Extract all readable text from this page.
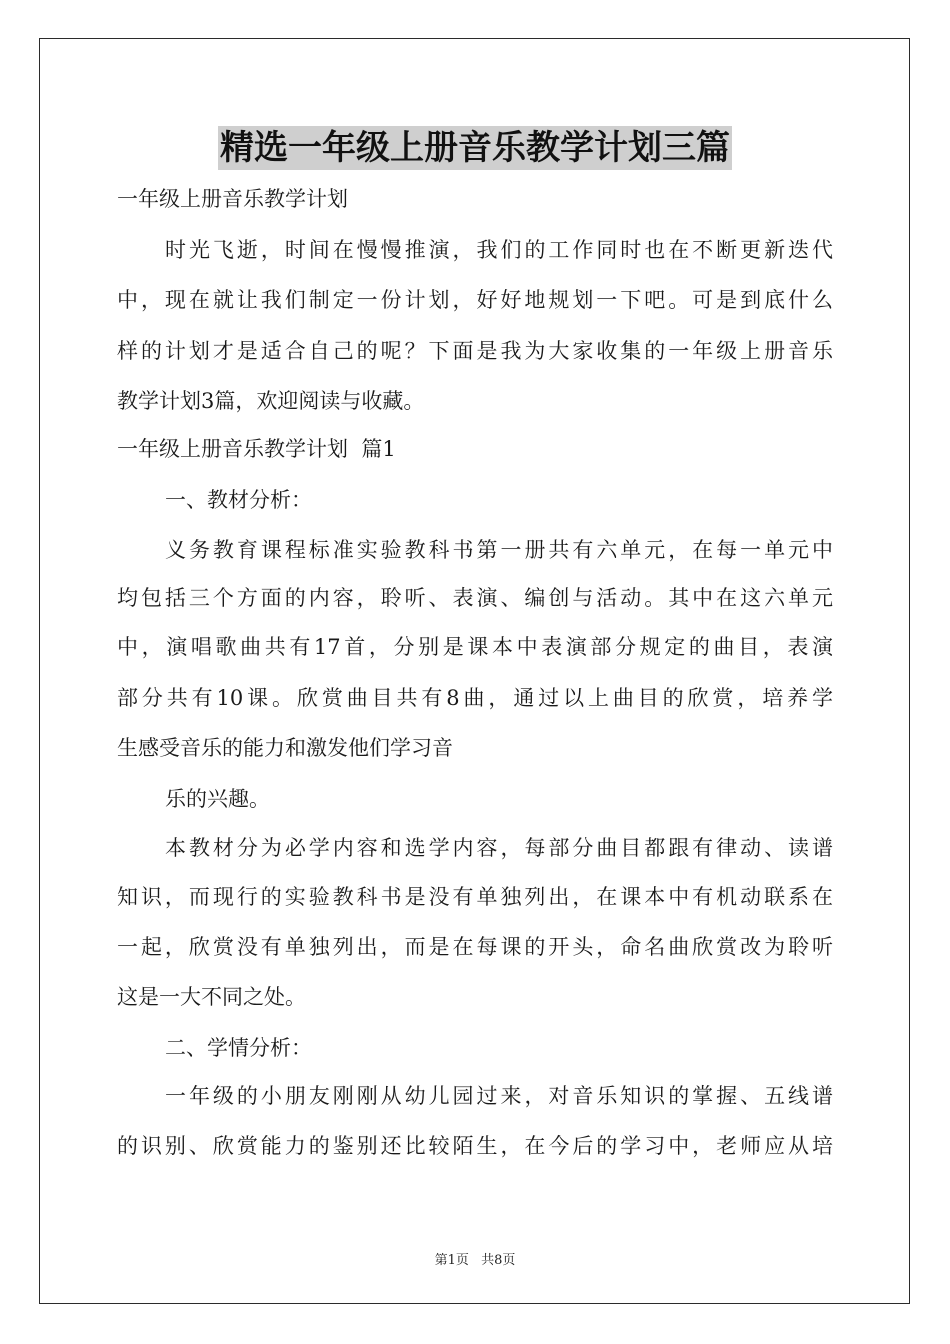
精选一年级上册音乐教学计划三篇
一年级上册音乐教学计划
时光飞逝，时间在慢慢推演，我们的工作同时也在不断更新迭代
中，现在就让我们制定一份计划，好好地规划一下吧。可是到底什么
样的计划才是适合自己的呢？下面是我为大家收集的一年级上册音乐
教学计划3篇，欢迎阅读与收藏。
一年级上册音乐教学计划  篇1
一、教材分析：
义务教育课程标准实验教科书第一册共有六单元，在每一单元中
均包括三个方面的内容，聆听、表演、编创与活动。其中在这六单元
中，演唱歌曲共有17首，分别是课本中表演部分规定的曲目，表演
部分共有10课。欣赏曲目共有8曲，通过以上曲目的欣赏，培养学
生感受音乐的能力和激发他们学习音
乐的兴趣。
本教材分为必学内容和选学内容，每部分曲目都跟有律动、读谱
知识，而现行的实验教科书是没有单独列出，在课本中有机动联系在
一起，欣赏没有单独列出，而是在每课的开头，命名曲欣赏改为聆听
这是一大不同之处。
二、学情分析：
一年级的小朋友刚刚从幼儿园过来，对音乐知识的掌握、五线谱
的识别、欣赏能力的鉴别还比较陌生，在今后的学习中，老师应从培
第1页 共8页
